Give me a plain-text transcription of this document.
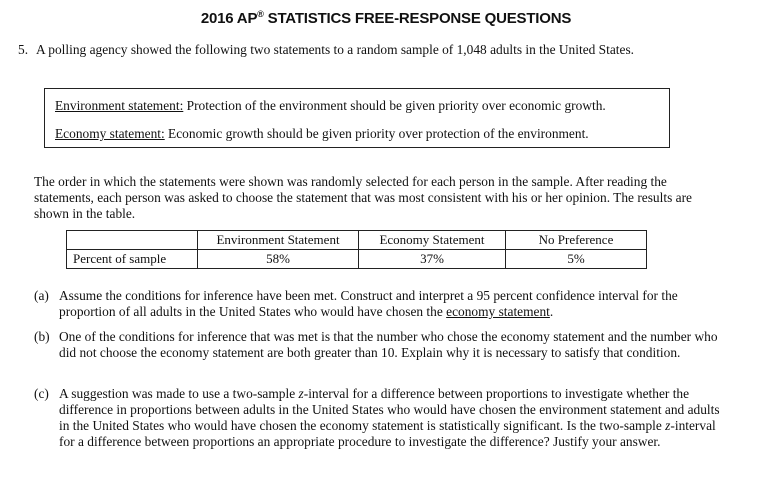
2016 AP® STATISTICS FREE-RESPONSE QUESTIONS
5. A polling agency showed the following two statements to a random sample of 1,048 adults in the United States.
Environment statement: Protection of the environment should be given priority over economic growth.
Economy statement: Economic growth should be given priority over protection of the environment.
The order in which the statements were shown was randomly selected for each person in the sample. After reading the statements, each person was asked to choose the statement that was most consistent with his or her opinion. The results are shown in the table.
	Environment Statement	Economy Statement	No Preference
Percent of sample	58%	37%	5%
(a) Assume the conditions for inference have been met. Construct and interpret a 95 percent confidence interval for the proportion of all adults in the United States who would have chosen the economy statement.
(b) One of the conditions for inference that was met is that the number who chose the economy statement and the number who did not choose the economy statement are both greater than 10. Explain why it is necessary to satisfy that condition.
(c) A suggestion was made to use a two-sample z-interval for a difference between proportions to investigate whether the difference in proportions between adults in the United States who would have chosen the environment statement and adults in the United States who would have chosen the economy statement is statistically significant. Is the two-sample z-interval for a difference between proportions an appropriate procedure to investigate the difference? Justify your answer.
